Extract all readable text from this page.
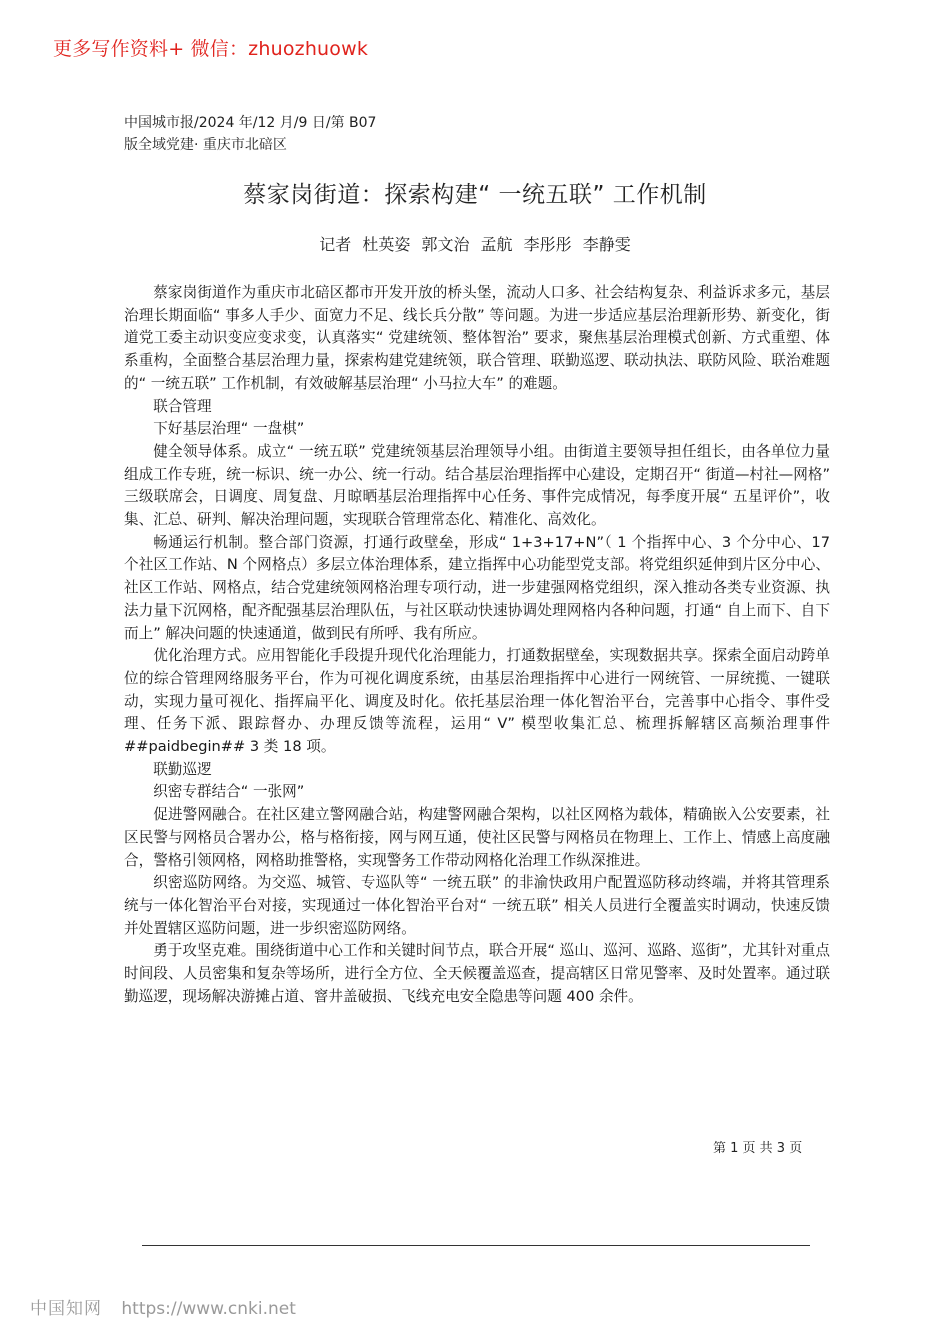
更多写作资料+ 微信：zhuozhuowk
中国城市报/2024 年/12 月/9 日/第 B07
版全域党建· 重庆市北碚区
蔡家岗街道：探索构建“ 一统五联” 工作机制
记者 杜英姿 郭文治 孟航 李彤彤 李静雯

蔡家岗街道作为重庆市北碚区都市开发开放的桥头堡，流动人口多、社会结构复杂、利益诉求多元，基层治理长期面临“ 事多人手少、面宽力不足、线长兵分散” 等问题。为进一步适应基层治理新形势、新变化，街道党工委主动识变应变求变，认真落实“ 党建统领、整体智治” 要求，聚焦基层治理模式创新、方式重塑、体系重构，全面整合基层治理力量，探索构建党建统领，联合管理、联勤巡逻、联动执法、联防风险、联治难题的“ 一统五联” 工作机制，有效破解基层治理“ 小马拉大车” 的难题。

联合管理

下好基层治理“ 一盘棋”

健全领导体系。成立“ 一统五联” 党建统领基层治理领导小组。由街道主要领导担任组长，由各单位力量组成工作专班，统一标识、统一办公、统一行动。结合基层治理指挥中心建设，定期召开“ 街道—村社—网格” 三级联席会，日调度、周复盘、月晾晒基层治理指挥中心任务、事件完成情况，每季度开展“ 五星评价”，收集、汇总、研判、解决治理问题，实现联合管理常态化、精准化、高效化。

畅通运行机制。整合部门资源，打通行政壁垒，形成“ 1+3+17+N”（ 1 个指挥中心、3 个分中心、17 个社区工作站、N 个网格点）多层立体治理体系，建立指挥中心功能型党支部。将党组织延伸到片区分中心、社区工作站、网格点，结合党建统领网格治理专项行动，进一步建强网格党组织，深入推动各类专业资源、执法力量下沉网格，配齐配强基层治理队伍，与社区联动快速协调处理网格内各种问题，打通“ 自上而下、自下而上” 解决问题的快速通道，做到民有所呼、我有所应。

优化治理方式。应用智能化手段提升现代化治理能力，打通数据壁垒，实现数据共享。探索全面启动跨单位的综合管理网络服务平台，作为可视化调度系统，由基层治理指挥中心进行一网统管、一屏统揽、一键联动，实现力量可视化、指挥扁平化、调度及时化。依托基层治理一体化智治平台，完善事中心指令、事件受理、任务下派、跟踪督办、办理反馈等流程，运用“ V” 模型收集汇总、梳理拆解辖区高频治理事件##paidbegin## 3 类 18 项。

联勤巡逻

织密专群结合“ 一张网”

促进警网融合。在社区建立警网融合站，构建警网融合架构，以社区网格为载体，精确嵌入公安要素，社区民警与网格员合署办公，格与格衔接，网与网互通，使社区民警与网格员在物理上、工作上、情感上高度融合，警格引领网格，网格助推警格，实现警务工作带动网格化治理工作纵深推进。

织密巡防网络。为交巡、城管、专巡队等“ 一统五联” 的非渝快政用户配置巡防移动终端，并将其管理系统与一体化智治平台对接，实现通过一体化智治平台对“ 一统五联” 相关人员进行全覆盖实时调动，快速反馈并处置辖区巡防问题，进一步织密巡防网络。

勇于攻坚克难。围绕街道中心工作和关键时间节点，联合开展“ 巡山、巡河、巡路、巡街”，尤其针对重点时间段、人员密集和复杂等场所，进行全方位、全天候覆盖巡查，提高辖区日常见警率、及时处置率。通过联勤巡逻，现场解决游摊占道、窨井盖破损、飞线充电安全隐患等问题 400 余件。

第 1 页 共 3 页
中国知网 https://www.cnki.net
